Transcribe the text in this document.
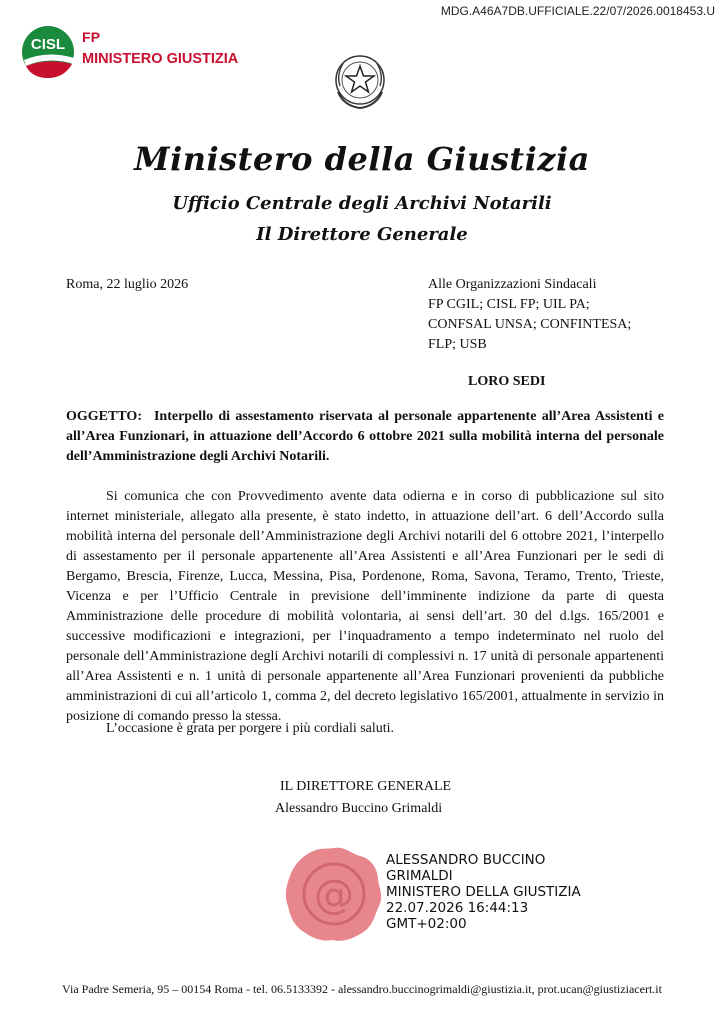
MDG.A46A7DB.UFFICIALE.22/07/2026.0018453.U
CISL FP
MINISTERO GIUSTIZIA
Ministero della Giustizia
Ufficio Centrale degli Archivi Notarili
Il Direttore Generale
Roma, 22 luglio 2026	Alle Organizzazioni Sindacali
FP CGIL; CISL FP; UIL PA;
CONFSAL UNSA; CONFINTESA;
FLP; USB
LORO SEDI
OGGETTO: Interpello di assestamento riservata al personale appartenente all’Area Assistenti e all’Area Funzionari, in attuazione dell’Accordo 6 ottobre 2021 sulla mobilità interna del personale dell’Amministrazione degli Archivi Notarili.

Si comunica che con Provvedimento avente data odierna e in corso di pubblicazione sul sito internet ministeriale, allegato alla presente, è stato indetto, in attuazione dell’art. 6 dell’Accordo sulla mobilità interna del personale dell’Amministrazione degli Archivi notarili del 6 ottobre 2021, l’interpello di assestamento per il personale appartenente all’Area Assistenti e all’Area Funzionari per le sedi di Bergamo, Brescia, Firenze, Lucca, Messina, Pisa, Pordenone, Roma, Savona, Teramo, Trento, Trieste, Vicenza e per l’Ufficio Centrale in previsione dell’imminente indizione da parte di questa Amministrazione delle procedure di mobilità volontaria, ai sensi dell’art. 30 del d.lgs. 165/2001 e successive modificazioni e integrazioni, per l’inquadramento a tempo indeterminato nel ruolo del personale dell’Amministrazione degli Archivi notarili di complessivi n. 17 unità di personale appartenenti all’Area Assistenti e n. 1 unità di personale appartenente all’Area Funzionari provenienti da pubbliche amministrazioni di cui all’articolo 1, comma 2, del decreto legislativo 165/2001, attualmente in servizio in posizione di comando presso la stessa.

L’occasione è grata per porgere i più cordiali saluti.
IL DIRETTORE GENERALE
Alessandro Buccino Grimaldi
@
ALESSANDRO BUCCINO
GRIMALDI
MINISTERO DELLA GIUSTIZIA
22.07.2026 16:44:13
GMT+02:00
Via Padre Semeria, 95 – 00154 Roma - tel. 06.5133392 - alessandro.buccinogrimaldi@giustizia.it, prot.ucan@giustiziacert.it
